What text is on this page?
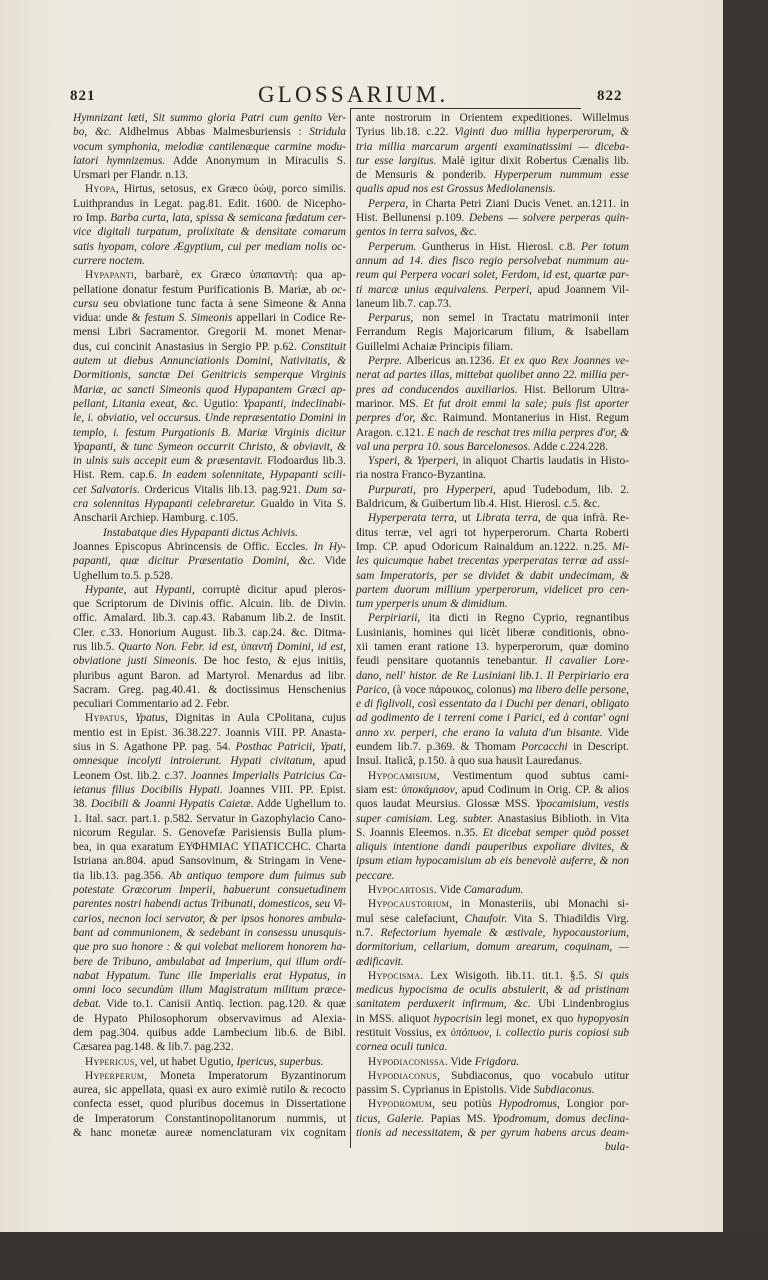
821	GLOSSARIUM.	822
Hymnizant læti, Sit summo gloria Patri cum genito Ver-
bo, &c. Aldhelmus Abbas Malmesburiensis : Stridula
vocum symphonia, melodiæ cantilenæque carmine modu-
latori hymnizemus. Adde Anonymum in Miraculis S.
Ursmari per Flandr. n.13.
Hyopa, Hirtus, setosus, ex Græco ὑώψ, porco similis.
Luithprandus in Legat. pag.81. Edit. 1600. de Nicepho-
ro Imp. Barba curta, lata, spissa & semicana fœdatum cer-
vice digitali turpatum, prolixitate & densitate comarum
satis hyopam, colore Ægyptium, cui per mediam nolis oc-
currere noctem.
Hypapanti, barbarè, ex Græco ὑπαπαντὴ: qua ap-
pellatione donatur festum Purificationis B. Mariæ, ab oc-
cursu seu obviatione tunc facta à sene Simeone & Anna
vidua: unde & festum S. Simeonis appellari in Codice Re-
mensi Libri Sacramentor. Gregorii M. monet Menar-
dus, cui concinit Anastasius in Sergio PP. p.62. Constituit
autem ut diebus Annunciationis Domini, Nativitatis, &
Dormitionis, sanctæ Dei Genitricis semperque Virginis
Mariæ, ac sancti Simeonis quod Hypapantem Græci ap-
pellant, Litania exeat, &c. Ugutio: Ypapanti, indeclinabi-
le, i. obviatio, vel occursus. Unde repræsentatio Domini in
templo, i. festum Purgationis B. Mariæ Virginis dicitur
Ypapanti, & tunc Symeon occurrit Christo, & obviavit, &
in ulnis suis accepit eum & præsentavit. Flodoardus lib.3.
Hist. Rem. cap.6. In eadem solennitate, Hypapanti scili-
cet Salvatoris. Ordericus Vitalis lib.13. pag.921. Dum sa-
cra solennitas Hypapanti celebraretur. Gualdo in Vita S.
Anscharii Archiep. Hamburg. c.105.
Instabatque dies Hypapanti dictus Achivis.
Joannes Episcopus Abrincensis de Offic. Eccles. In Hy-
papanti, quæ dicitur Præsentatio Domini, &c. Vide
Ughellum to.5. p.528.
Hypante, aut Hypanti, corruptè dicitur apud pleros-
que Scriptorum de Divinis offic. Alcuin. lib. de Divin.
offic. Amalard. lib.3. cap.43. Rabanum lib.2. de Instit.
Cler. c.33. Honorium August. lib.3. cap.24. &c. Ditma-
rus lib.5. Quarto Non. Febr. id est, ὑπαντῆ Domini, id est,
obviatione justi Simeonis. De hoc festo, & ejus initiis,
pluribus agunt Baron. ad Martyrol. Menardus ad libr.
Sacram. Greg. pag.40.41. & doctissimus Henschenius
peculiari Commentario ad 2. Febr.
Hypatus, Ypatus, Dignitas in Aula CPolitana, cujus
mentio est in Epist. 36.38.227. Joannis VIII. PP. Anasta-
sius in S. Agathone PP. pag. 54. Posthac Patricii, Ypati,
omnesque incolyti introierunt. Hypati civitatum, apud
Leonem Ost. lib.2. c.37. Joannes Imperialis Patricius Ca-
ietanus filius Docibilis Hypati. Joannes VIII. PP. Epist.
38. Docibili & Joanni Hypatis Caietæ. Adde Ughellum to.
1. Ital. sacr. part.1. p.582. Servatur in Gazophylacio Cano-
nicorum Regular. S. Genovefæ Parisiensis Bulla plum-
bea, in qua exaratum ΕΥΦΗΜΙΑϹ ΥΠΑΤΙϹϹΗϹ. Charta
Istriana an.804. apud Sansovinum, & Stringam in Vene-
tia lib.13. pag.356. Ab antiquo tempore dum fuimus sub
potestate Græcorum Imperii, habuerunt consuetudinem
parentes nostri habendi actus Tribunati, domesticos, seu Vi-
carios, necnon loci servator, & per ipsos honores ambula-
bant ad communionem, & sedebant in consessu unusquis-
que pro suo honore : & qui volebat meliorem honorem ha-
bere de Tribuno, ambulabat ad Imperium, qui illum ordi-
nabat Hypatum. Tunc ille Imperialis erat Hypatus, in
omni loco secundùm illum Magistratum militum præce-
debat. Vide to.1. Canisii Antiq. lection. pag.120. & quæ
de Hypato Philosophorum observavimus ad Alexia-
dem pag.304. quibus adde Lambecium lib.6. de Bibl.
Cæsarea pag.148. & lib.7. pag.232.
Hypericus, vel, ut habet Ugutio, Ipericus, superbus.
Hyperperum, Moneta Imperatorum Byzantinorum
aurea, sic appellata, quasi ex auro eximiè rutilo & recocto
confecta esset, quod pluribus docemus in Dissertatione
de Imperatorum Constantinopolitanorum nummis, ut
& hanc monetæ aureæ nomenclaturam vix cognitam
ante nostrorum in Orientem expeditiones. Willelmus
Tyrius lib.18. c.22. Viginti duo millia hyperperorum, &
tria millia marcarum argenti examinatissimi — diceba-
tur esse largitus. Malè igitur dixit Robertus Cænalis lib.
de Mensuris & ponderib. Hyperperum nummum esse
qualis apud nos est Grossus Mediolanensis.
Perpera, in Charta Petri Ziani Ducis Venet. an.1211. in
Hist. Bellunensi p.109. Debens — solvere perperas quin-
gentos in terra salvos, &c.
Perperum. Guntherus in Hist. Hierosl. c.8. Per totum
annum ad 14. dies fisco regio persolvebat nummum au-
reum qui Perpera vocari solet, Ferdom, id est, quartæ par-
ti marcæ unius æquivalens. Perperi, apud Joannem Vil-
laneum lib.7. cap.73.
Perparus, non semel in Tractatu matrimonii inter
Ferrandum Regis Majoricarum filium, & Isabellam
Guillelmi Achaiæ Principis filiam.
Perpre. Albericus an.1236. Et ex quo Rex Joannes ve-
nerat ad partes illas, mittebat quolibet anno 22. millia per-
pres ad conducendos auxiliarios. Hist. Bellorum Ultra-
marinor. MS. Et fut droit emmi la sale; puis fist aporter
perpres d'or, &c. Raimund. Montanerius in Hist. Regum
Aragon. c.121. E nach de reschat tres milia perpres d'or, &
val una perpra 10. sous Barcelonesos. Adde c.224.228.
Ysperi, & Yperperi, in aliquot Chartis laudatis in Histo-
ria nostra Franco-Byzantina.
Purpurati, pro Hyperperi, apud Tudebodum, lib. 2.
Baldricum, & Guibertum lib.4. Hist. Hierosl. c.5. &c.
Hyperperata terra, ut Librata terra, de qua infrà. Re-
ditus terræ, vel agri tot hyperperorum. Charta Roberti
Imp. CP. apud Odoricum Rainaldum an.1222. n.25. Mi-
les quicumque habet trecentas yperperatas terræ ad assi-
sam Imperatoris, per se dividet & dabit undecimam, &
partem duorum millium yperperorum, videlicet pro cen-
tum yperperis unum & dimidium.
Perpiriarii, ita dicti in Regno Cyprio, regnantibus
Lusinianis, homines qui licèt liberæ conditionis, obno-
xii tamen erant ratione 13. hyperperorum, quæ domino
feudi pensitare quotannis tenebantur. Il cavalier Lore-
dano, nell' histor. de Re Lusiniani lib.1. Il Perpiriario era
Parico, (à voce πάροικος, colonus) ma libero delle persone,
e di figlivoli, così essentato da i Duchi per denari, obligato
ad godimento de i terreni come i Parici, ed à contar' ogni
anno xv. perperi, che erano la valuta d'un bisante. Vide
eundem lib.7. p.369. & Thomam Porcacchi in Descript.
Insul. Italicâ, p.150. à quo sua hausit Lauredanus.
Hypocamisium, Vestimentum quod subtus cami-
siam est: ὑποκάμισον, apud Codinum in Orig. CP. & alios
quos laudat Meursius. Glossæ MSS. Ypocamisium, vestis
super camisiam. Leg. subter. Anastasius Biblioth. in Vita
S. Joannis Eleemos. n.35. Et dicebat semper quòd posset
aliquis intentione dandi pauperibus expoliare divites, &
ipsum etiam hypocamisium ab eis benevolè auferre, & non
peccare.
Hypocartosis. Vide Camaradum.
Hypocaustorium, in Monasteriis, ubi Monachi si-
mul sese calefaciunt, Chaufoir. Vita S. Thiadildis Virg.
n.7. Refectorium hyemale & æstivale, hypocaustorium,
dormitorium, cellarium, domum arearum, coquinam, —
ædificavit.
Hypocisma. Lex Wisigoth. lib.11. tit.1. §.5. Si quis
medicus hypocisma de oculis abstulerit, & ad pristinam
sanitatem perduxerit infirmum, &c. Ubi Lindenbrogius
in MSS. aliquot hypocrisin legi monet, ex quo hypopyosin
restituit Vossius, ex ὑπόπυον, i. collectio puris copiosi sub
cornea oculi tunica.
Hypodiaconissa. Vide Frigdora.
Hypodiaconus, Subdiaconus, quo vocabulo utitur
passim S. Cyprianus in Epistolis. Vide Subdiaconus.
Hypodromum, seu potiùs Hypodromus, Longior por-
ticus, Galerie. Papias MS. Ypodromum, domus declina-
tionis ad necessitatem, & per gyrum habens arcus deam-
bula-
